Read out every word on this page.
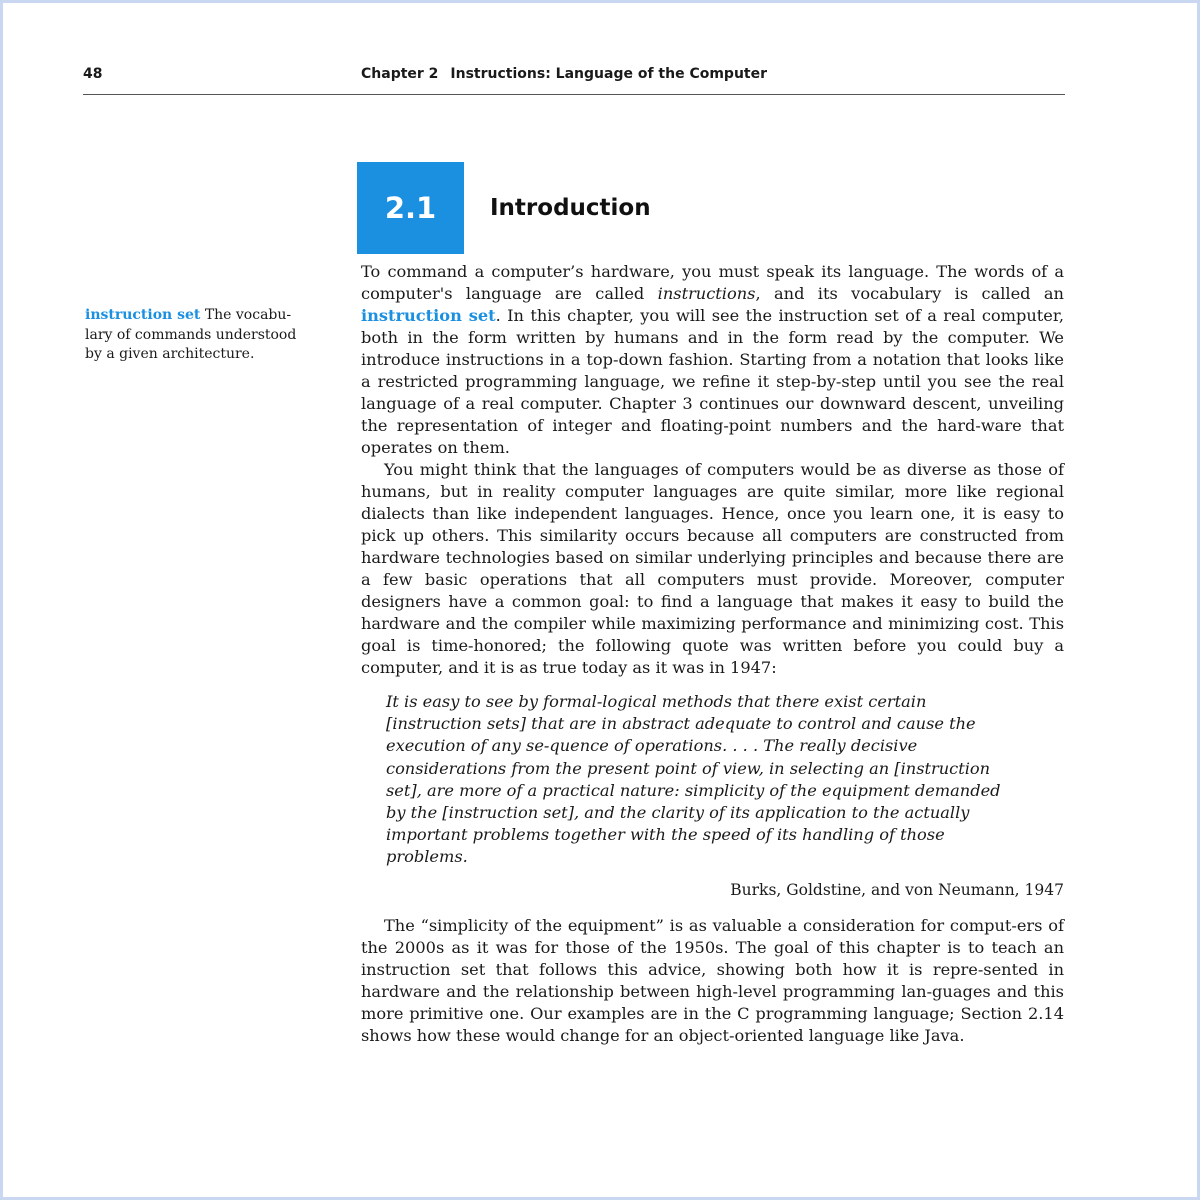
48	Chapter 2 Instructions: Language of the Computer
2.1	Introduction
instruction set The vocabu-lary of commands understood by a given architecture.

To command a computer’s hardware, you must speak its language. The words of a computer's language are called instructions, and its vocabulary is called an instruction set. In this chapter, you will see the instruction set of a real computer, both in the form written by humans and in the form read by the computer. We introduce instructions in a top-down fashion. Starting from a notation that looks like a restricted programming language, we refine it step-by-step until you see the real language of a real computer. Chapter 3 continues our downward descent, unveiling the representation of integer and floating-point numbers and the hard-ware that operates on them.

You might think that the languages of computers would be as diverse as those of humans, but in reality computer languages are quite similar, more like regional dialects than like independent languages. Hence, once you learn one, it is easy to pick up others. This similarity occurs because all computers are constructed from hardware technologies based on similar underlying principles and because there are a few basic operations that all computers must provide. Moreover, computer designers have a common goal: to find a language that makes it easy to build the hardware and the compiler while maximizing performance and minimizing cost. This goal is time-honored; the following quote was written before you could buy a computer, and it is as true today as it was in 1947:

It is easy to see by formal-logical methods that there exist certain [instruction sets] that are in abstract adequate to control and cause the execution of any se-quence of operations. . . . The really decisive considerations from the present point of view, in selecting an [instruction set], are more of a practical nature: simplicity of the equipment demanded by the [instruction set], and the clarity of its application to the actually important problems together with the speed of its handling of those problems.

Burks, Goldstine, and von Neumann, 1947

The “simplicity of the equipment” is as valuable a consideration for comput-ers of the 2000s as it was for those of the 1950s. The goal of this chapter is to teach an instruction set that follows this advice, showing both how it is repre-sented in hardware and the relationship between high-level programming lan-guages and this more primitive one. Our examples are in the C programming language; Section 2.14 shows how these would change for an object-oriented language like Java.
